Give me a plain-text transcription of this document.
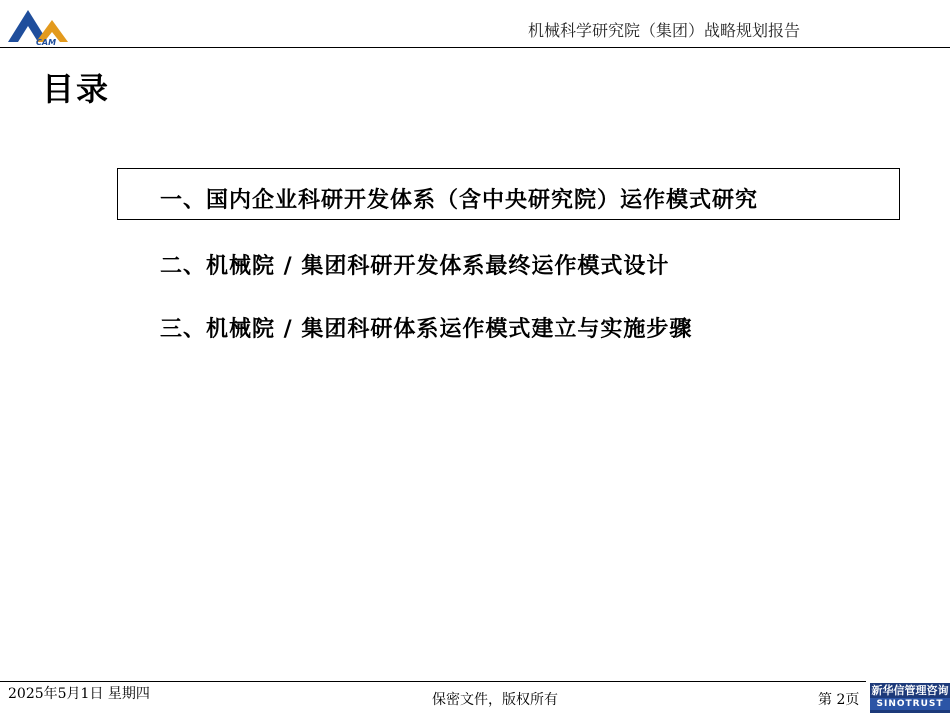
CAM
机械科学研究院（集团）战略规划报告
目录
一、国内企业科研开发体系（含中央研究院）运作模式研究
二、机械院 / 集团科研开发体系最终运作模式设计
三、机械院 / 集团科研体系运作模式建立与实施步骤
2025年5月1日 星期四	保密文件，版权所有	第 2页
新华信管理咨询
SINOTRUST
